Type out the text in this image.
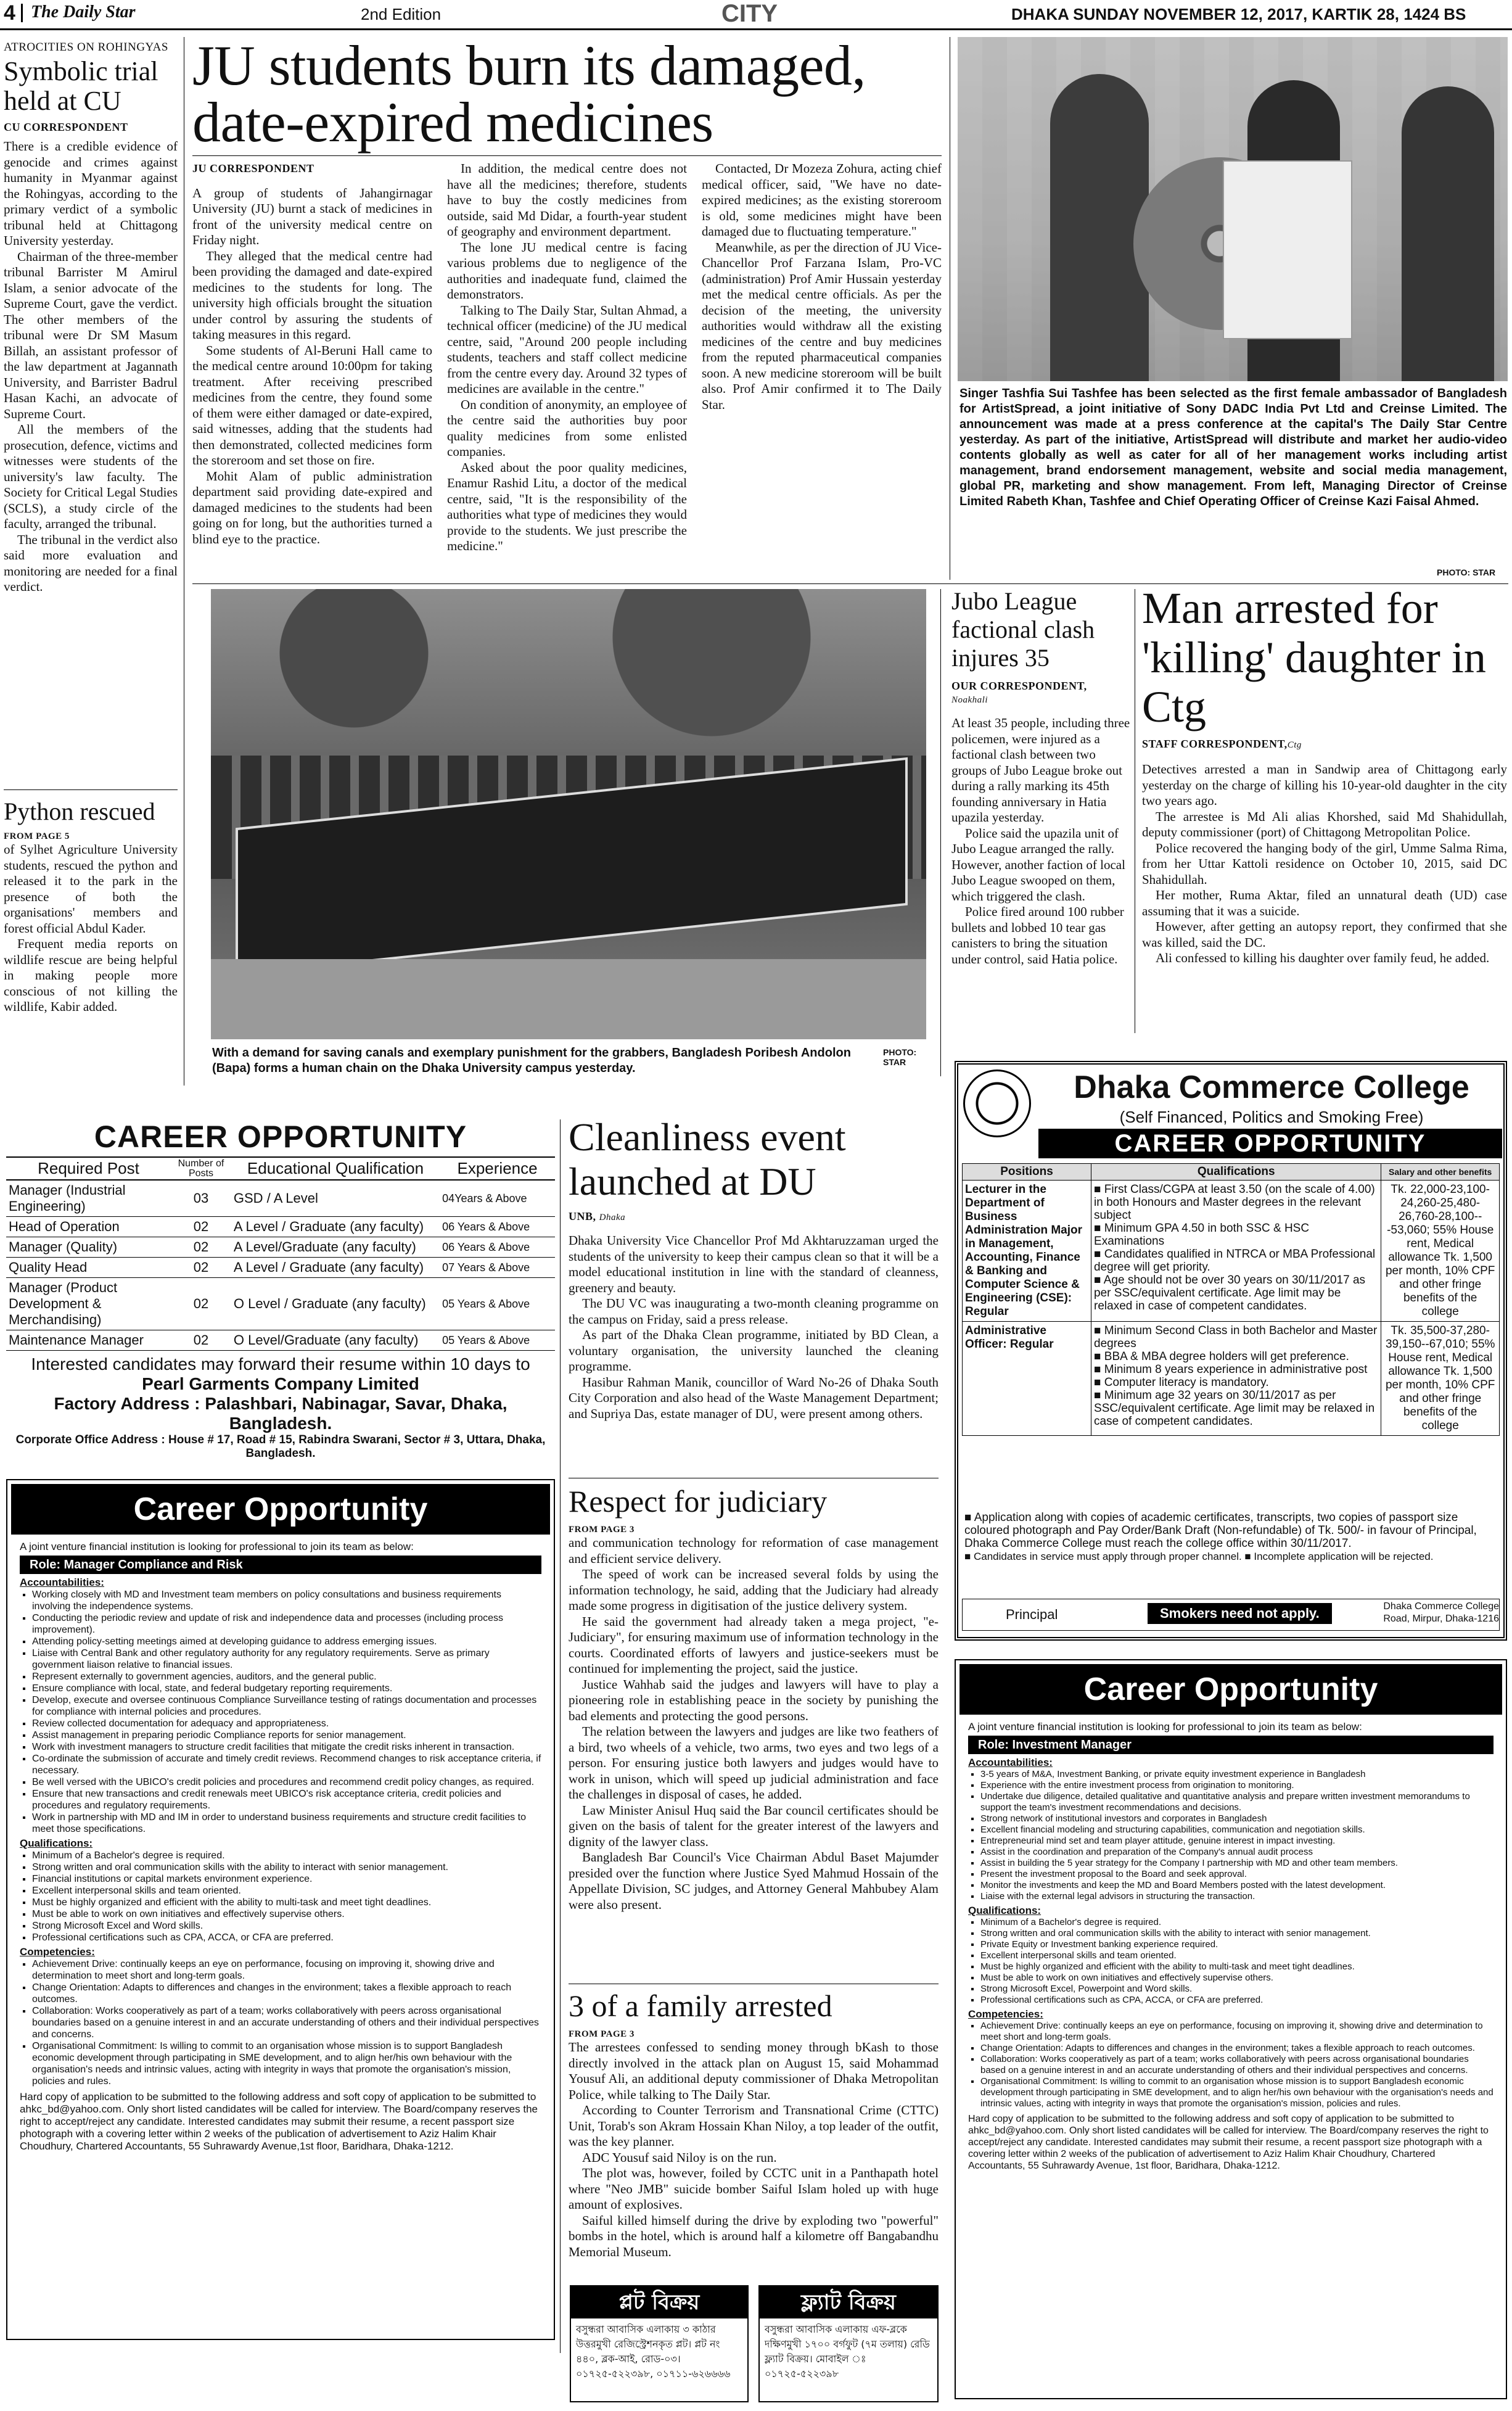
4 The Daily Star	2nd Edition	CITY	DHAKA SUNDAY NOVEMBER 12, 2017, KARTIK 28, 1424 BS
ATROCITIES ON ROHINGYAS
Symbolic trial held at CU
CU CORRESPONDENT

There is a credible evidence of genocide and crimes against humanity in Myanmar against the Rohingyas, according to the primary verdict of a symbolic tribunal held at Chittagong University yesterday.

Chairman of the three-member tribunal Barrister M Amirul Islam, a senior advocate of the Supreme Court, gave the verdict. The other members of the tribunal were Dr SM Masum Billah, an assistant professor of the law department at Jagannath University, and Barrister Badrul Hasan Kachi, an advocate of Supreme Court.

All the members of the prosecution, defence, victims and witnesses were students of the university's law faculty. The Society for Critical Legal Studies (SCLS), a study circle of the faculty, arranged the tribunal.

The tribunal in the verdict also said more evaluation and monitoring are needed for a final verdict.

Python rescued
FROM PAGE 5

of Sylhet Agriculture University students, rescued the python and released it to the park in the presence of both the organisations' members and forest official Abdul Kader.

Frequent media reports on wildlife rescue are being helpful in making people more conscious of not killing the wildlife, Kabir added.

JU students burn its damaged, date-expired medicines
JU CORRESPONDENT

A group of students of Jahangirnagar University (JU) burnt a stack of medicines in front of the university medical centre on Friday night.

They alleged that the medical centre had been providing the damaged and date-expired medicines to the students for long. The university high officials brought the situation under control by assuring the students of taking measures in this regard.

Some students of Al-Beruni Hall came to the medical centre around 10:00pm for taking treatment. After receiving prescribed medicines from the centre, they found some of them were either damaged or date-expired, said witnesses, adding that the students had then demonstrated, collected medicines form the storeroom and set those on fire.

Mohit Alam of public administration department said providing date-expired and damaged medicines to the students had been going on for long, but the authorities turned a blind eye to the practice.

In addition, the medical centre does not have all the medicines; therefore, students have to buy the costly medicines from outside, said Md Didar, a fourth-year student of geography and environment department.

The lone JU medical centre is facing various problems due to negligence of the authorities and inadequate fund, claimed the demonstrators.

Talking to The Daily Star, Sultan Ahmad, a technical officer (medicine) of the JU medical centre, said, "Around 200 people including students, teachers and staff collect medicine from the centre every day. Around 32 types of medicines are available in the centre."

On condition of anonymity, an employee of the centre said the authorities buy poor quality medicines from some enlisted companies.

Asked about the poor quality medicines, Enamur Rashid Litu, a doctor of the medical centre, said, "It is the responsibility of the authorities what type of medicines they would provide to the students. We just prescribe the medicine."

Contacted, Dr Mozeza Zohura, acting chief medical officer, said, "We have no date-expired medicines; as the existing storeroom is old, some medicines might have been damaged due to fluctuating temperature."

Meanwhile, as per the direction of JU Vice-Chancellor Prof Farzana Islam, Pro-VC (administration) Prof Amir Hussain yesterday met the medical centre officials. As per the decision of the meeting, the university authorities would withdraw all the existing medicines of the centre and buy medicines from the reputed pharmaceutical companies soon. A new medicine storeroom will be built also. Prof Amir confirmed it to The Daily Star.

Singer Tashfia Sui Tashfee has been selected as the first female ambassador of Bangladesh for ArtistSpread, a joint initiative of Sony DADC India Pvt Ltd and Creinse Limited. The announcement was made at a press conference at the capital's The Daily Star Centre yesterday. As part of the initiative, ArtistSpread will distribute and market her audio-video contents globally as well as cater for all of her management works including artist management, brand endorsement management, website and social media management, global PR, marketing and show management. From left, Managing Director of Creinse Limited Rabeth Khan, Tashfee and Chief Operating Officer of Creinse Kazi Faisal Ahmed.
PHOTO: STAR
With a demand for saving canals and exemplary punishment for the grabbers, Bangladesh Poribesh Andolon (Bapa) forms a human chain on the Dhaka University campus yesterday.
PHOTO: STAR
Jubo League factional clash injures 35
OUR CORRESPONDENT,
Noakhali

At least 35 people, including three policemen, were injured as a factional clash between two groups of Jubo League broke out during a rally marking its 45th founding anniversary in Hatia upazila yesterday.

Police said the upazila unit of Jubo League arranged the rally. However, another faction of local Jubo League swooped on them, which triggered the clash.

Police fired around 100 rubber bullets and lobbed 10 tear gas canisters to bring the situation under control, said Hatia police.

Man arrested for 'killing' daughter in Ctg
STAFF CORRESPONDENT,Ctg

Detectives arrested a man in Sandwip area of Chittagong early yesterday on the charge of killing his 10-year-old daughter in the city two years ago.

The arrestee is Md Ali alias Khorshed, said Md Shahidullah, deputy commissioner (port) of Chittagong Metropolitan Police.

Police recovered the hanging body of the girl, Umme Salma Rima, from her Uttar Kattoli residence on October 10, 2015, said DC Shahidullah.

Her mother, Ruma Aktar, filed an unnatural death (UD) case assuming that it was a suicide.

However, after getting an autopsy report, they confirmed that she was killed, said the DC.

Ali confessed to killing his daughter over family feud, he added.

CAREER OPPORTUNITY
Required Post	Number of Posts	Educational Qualification	Experience
Manager (Industrial Engineering)	03	GSD / A Level	04Years & Above
Head of Operation	02	A Level / Graduate (any faculty)	06 Years & Above
Manager (Quality)	02	A Level/Graduate (any faculty)	06 Years & Above
Quality Head	02	A Level / Graduate (any faculty)	07 Years & Above
Manager (Product Development & Merchandising)	02	O Level / Graduate (any faculty)	05 Years & Above
Maintenance Manager	02	O Level/Graduate (any faculty)	05 Years & Above
Interested candidates may forward their resume within 10 days to
Pearl Garments Company Limited
Factory Address : Palashbari, Nabinagar, Savar, Dhaka, Bangladesh.
Corporate Office Address : House # 17, Road # 15, Rabindra Swarani, Sector # 3, Uttara, Dhaka, Bangladesh.
Career Opportunity
A joint venture financial institution is looking for professional to join its team as below:
Role: Manager Compliance and Risk
Accountabilities:
▪ Working closely with MD and Investment team members on policy consultations and business requirements involving the independence systems.
▪ Conducting the periodic review and update of risk and independence data and processes (including process improvement).
▪ Attending policy-setting meetings aimed at developing guidance to address emerging issues.
▪ Liaise with Central Bank and other regulatory authority for any regulatory requirements. Serve as primary government liaison relative to financial issues.
▪ Represent externally to government agencies, auditors, and the general public.
▪ Ensure compliance with local, state, and federal budgetary reporting requirements.
▪ Develop, execute and oversee continuous Compliance Surveillance testing of ratings documentation and processes for compliance with internal policies and procedures.
▪ Review collected documentation for adequacy and appropriateness.
▪ Assist management in preparing periodic Compliance reports for senior management.
▪ Work with investment managers to structure credit facilities that mitigate the credit risks inherent in transaction.
▪ Co-ordinate the submission of accurate and timely credit reviews. Recommend changes to risk acceptance criteria, if necessary.
▪ Be well versed with the UBICO's credit policies and procedures and recommend credit policy changes, as required.
▪ Ensure that new transactions and credit renewals meet UBICO's risk acceptance criteria, credit policies and procedures and regulatory requirements.
▪ Work in partnership with MD and IM in order to understand business requirements and structure credit facilities to meet those specifications.
Qualifications:
▪ Minimum of a Bachelor's degree is required.
▪ Strong written and oral communication skills with the ability to interact with senior management.
▪ Financial institutions or capital markets environment experience.
▪ Excellent interpersonal skills and team oriented.
▪ Must be highly organized and efficient with the ability to multi-task and meet tight deadlines.
▪ Must be able to work on own initiatives and effectively supervise others.
▪ Strong Microsoft Excel and Word skills.
▪ Professional certifications such as CPA, ACCA, or CFA are preferred.
Competencies:
▪ Achievement Drive: continually keeps an eye on performance, focusing on improving it, showing drive and determination to meet short and long-term goals.
▪ Change Orientation: Adapts to differences and changes in the environment; takes a flexible approach to reach outcomes.
▪ Collaboration: Works cooperatively as part of a team; works collaboratively with peers across organisational boundaries based on a genuine interest in and an accurate understanding of others and their individual perspectives and concerns.
▪ Organisational Commitment: Is willing to commit to an organisation whose mission is to support Bangladesh economic development through participating in SME development, and to align her/his own behaviour with the organisation's needs and intrinsic values, acting with integrity in ways that promote the organisation's mission, policies and rules.
Hard copy of application to be submitted to the following address and soft copy of application to be submitted to ahkc_bd@yahoo.com. Only short listed candidates will be called for interview. The Board/company reserves the right to accept/reject any candidate. Interested candidates may submit their resume, a recent passport size photograph with a covering letter within 2 weeks of the publication of advertisement to Aziz Halim Khair Choudhury, Chartered Accountants, 55 Suhrawardy Avenue,1st floor, Baridhara, Dhaka-1212.
Cleanliness event launched at DU
UNB, Dhaka

Dhaka University Vice Chancellor Prof Md Akhtaruzzaman urged the students of the university to keep their campus clean so that it will be a model educational institution in line with the standard of cleanness, greenery and beauty.

The DU VC was inaugurating a two-month cleaning programme on the campus on Friday, said a press release.

As part of the Dhaka Clean programme, initiated by BD Clean, a voluntary organisation, the university launched the cleaning programme.

Hasibur Rahman Manik, councillor of Ward No-26 of Dhaka South City Corporation and also head of the Waste Management Department; and Supriya Das, estate manager of DU, were present among others.

Respect for judiciary
FROM PAGE 3

and communication technology for reformation of case management and efficient service delivery.

The speed of work can be increased several folds by using the information technology, he said, adding that the Judiciary had already made some progress in digitisation of the justice delivery system.

He said the government had already taken a mega project, "e-Judiciary", for ensuring maximum use of information technology in the courts. Coordinated efforts of lawyers and justice-seekers must be continued for implementing the project, said the justice.

Justice Wahhab said the judges and lawyers will have to play a pioneering role in establishing peace in the society by punishing the bad elements and protecting the good persons.

The relation between the lawyers and judges are like two feathers of a bird, two wheels of a vehicle, two arms, two eyes and two legs of a person. For ensuring justice both lawyers and judges would have to work in unison, which will speed up judicial administration and face the challenges in disposal of cases, he added.

Law Minister Anisul Huq said the Bar council certificates should be given on the basis of talent for the greater interest of the lawyers and dignity of the lawyer class.

Bangladesh Bar Council's Vice Chairman Abdul Baset Majumder presided over the function where Justice Syed Mahmud Hossain of the Appellate Division, SC judges, and Attorney General Mahbubey Alam were also present.

3 of a family arrested
FROM PAGE 3

The arrestees confessed to sending money through bKash to those directly involved in the attack plan on August 15, said Mohammad Yousuf Ali, an additional deputy commissioner of Dhaka Metropolitan Police, while talking to The Daily Star.

According to Counter Terrorism and Transnational Crime (CTTC) Unit, Torab's son Akram Hossain Khan Niloy, a top leader of the outfit, was the key planner.

ADC Yousuf said Niloy is on the run.

The plot was, however, foiled by CCTC unit in a Panthapath hotel where "Neo JMB" suicide bomber Saiful Islam holed up with huge amount of explosives.

Saiful killed himself during the drive by exploding two "powerful" bombs in the hotel, which is around half a kilometre off Bangabandhu Memorial Museum.

প্লট বিক্রয়
বসুন্ধরা আবাসিক এলাকায় ৩ কাঠার উত্তরমুখী রেজিস্ট্রেশনকৃত প্লট। প্লট নং ৪৪০, ব্লক-আই, রোড-০৩। ০১৭২৫-৫২২৩৯৮, ০১৭১১-৬২৬৬৬৬
ফ্ল্যাট বিক্রয়
বসুন্ধরা আবাসিক এলাকায় এফ-ব্লকে দক্ষিণমুখী ১৭০০ বর্গফুট (৭ম তলায়) রেডি ফ্ল্যাট বিক্রয়। মোবাইল ঃ ০১৭২৫-৫২২৩৯৮
Dhaka Commerce College
(Self Financed, Politics and Smoking Free)
CAREER OPPORTUNITY
Positions	Qualifications	Salary and other benefits
Lecturer in the Department of Business Administration Major in Management, Accounting, Finance & Banking and Computer Science & Engineering (CSE): Regular	■ First Class/CGPA at least 3.50 (on the scale of 4.00) in both Honours and Master degrees in the relevant subject
■ Minimum GPA 4.50 in both SSC & HSC Examinations
■ Candidates qualified in NTRCA or MBA Professional degree will get priority.
■ Age should not be over 30 years on 30/11/2017 as per SSC/equivalent certificate. Age limit may be relaxed in case of competent candidates.	Tk. 22,000-23,100-24,260-25,480-26,760-28,100---53,060; 55% House rent, Medical allowance Tk. 1,500 per month, 10% CPF and other fringe benefits of the college
Administrative Officer: Regular	■ Minimum Second Class in both Bachelor and Master degrees
■ BBA & MBA degree holders will get preference.
■ Minimum 8 years experience in administrative post
■ Computer literacy is mandatory.
■ Minimum age 32 years on 30/11/2017 as per SSC/equivalent certificate. Age limit may be relaxed in case of competent candidates.	Tk. 35,500-37,280-39,150--67,010; 55% House rent, Medical allowance Tk. 1,500 per month, 10% CPF and other fringe benefits of the college
■ Application along with copies of academic certificates, transcripts, two copies of passport size coloured photograph and Pay Order/Bank Draft (Non-refundable) of Tk. 500/- in favour of Principal, Dhaka Commerce College must reach the college office within 30/11/2017.
■ Candidates in service must apply through proper channel. ■ Incomplete application will be rejected.
Principal	Smokers need not apply.	Dhaka Commerce College Road, Mirpur, Dhaka-1216
Career Opportunity
A joint venture financial institution is looking for professional to join its team as below:
Role: Investment Manager
Accountabilities:
▪ 3-5 years of M&A, Investment Banking, or private equity investment experience in Bangladesh
▪ Experience with the entire investment process from origination to monitoring.
▪ Undertake due diligence, detailed qualitative and quantitative analysis and prepare written investment memorandums to support the team's investment recommendations and decisions.
▪ Strong network of institutional investors and corporates in Bangladesh
▪ Excellent financial modeling and structuring capabilities, communication and negotiation skills.
▪ Entrepreneurial mind set and team player attitude, genuine interest in impact investing.
▪ Assist in the coordination and preparation of the Company's annual audit process
▪ Assist in building the 5 year strategy for the Company I partnership with MD and other team members.
▪ Present the investment proposal to the Board and seek approval.
▪ Monitor the investments and keep the MD and Board Members posted with the latest development.
▪ Liaise with the external legal advisors in structuring the transaction.
Qualifications:
▪ Minimum of a Bachelor's degree is required.
▪ Strong written and oral communication skills with the ability to interact with senior management.
▪ Private Equity or Investment banking experience required.
▪ Excellent interpersonal skills and team oriented.
▪ Must be highly organized and efficient with the ability to multi-task and meet tight deadlines.
▪ Must be able to work on own initiatives and effectively supervise others.
▪ Strong Microsoft Excel, Powerpoint and Word skills.
▪ Professional certifications such as CPA, ACCA, or CFA are preferred.
Competencies:
▪ Achievement Drive: continually keeps an eye on performance, focusing on improving it, showing drive and determination to meet short and long-term goals.
▪ Change Orientation: Adapts to differences and changes in the environment; takes a flexible approach to reach outcomes.
▪ Collaboration: Works cooperatively as part of a team; works collaboratively with peers across organisational boundaries based on a genuine interest in and an accurate understanding of others and their individual perspectives and concerns.
▪ Organisational Commitment: Is willing to commit to an organisation whose mission is to support Bangladesh economic development through participating in SME development, and to align her/his own behaviour with the organisation's needs and intrinsic values, acting with integrity in ways that promote the organisation's mission, policies and rules.
Hard copy of application to be submitted to the following address and soft copy of application to be submitted to ahkc_bd@yahoo.com. Only short listed candidates will be called for interview. The Board/company reserves the right to accept/reject any candidate. Interested candidates may submit their resume, a recent passport size photograph with a covering letter within 2 weeks of the publication of advertisement to Aziz Halim Khair Choudhury, Chartered Accountants, 55 Suhrawardy Avenue, 1st floor, Baridhara, Dhaka-1212.
